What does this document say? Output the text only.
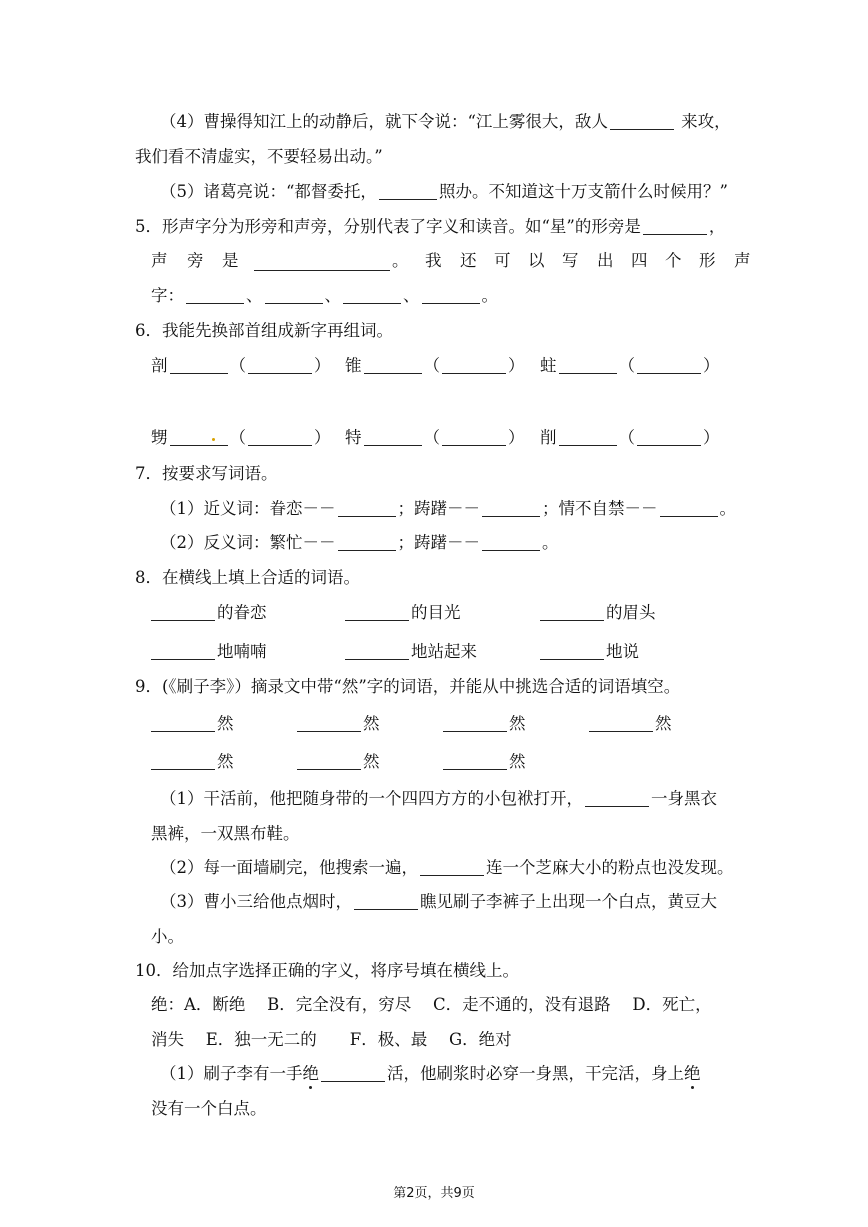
（4）曹操得知江上的动静后，就下令说：“江上雾很大，敌人	来攻，
我们看不清虚实，不要轻易出动。”
（5）诸葛亮说：“都督委托，	照办。不知道这十万支箭什么时候用？”
5．形声字分为形旁和声旁，分别代表了字义和读音。如“星”的形旁是	，
声 旁 是	。 我 还 可 以 写 出 四 个 形 声
字：	、	、	、	。
6．我能先换部首组成新字再组词。
剖	（	） 锥	（	） 蛀	（	）
甥	（	） 特	（	） 削	（	）
7．按要求写词语。
（1）近义词：眷恋－－	；踌躇－－	；情不自禁－－	。
（2）反义词：繁忙－－	；踌躇－－	。
8．在横线上填上合适的词语。
的眷恋	的目光	的眉头
地喃喃	地站起来	地说
9．(《刷子李》）摘录文中带“然”字的词语，并能从中挑选合适的词语填空。
然	然	然	然
然	然	然
（1）干活前，他把随身带的一个四四方方的小包袱打开，	一身黑衣
黑裤，一双黑布鞋。
（2）每一面墙刷完，他搜索一遍，	连一个芝麻大小的粉点也没发现。
（3）曹小三给他点烟时，	瞧见刷子李裤子上出现一个白点，黄豆大
小。
10．给加点字选择正确的字义，将序号填在横线上。
绝：A．断绝　 B．完全没有，穷尽　 C．走不通的，没有退路　 D．死亡，
消失　 E．独一无二的　　F．极、最　 G．绝对
（1）刷子李有一手绝	活，他刷浆时必穿一身黑，干完活，身上绝
没有一个白点。
第2页，共9页
